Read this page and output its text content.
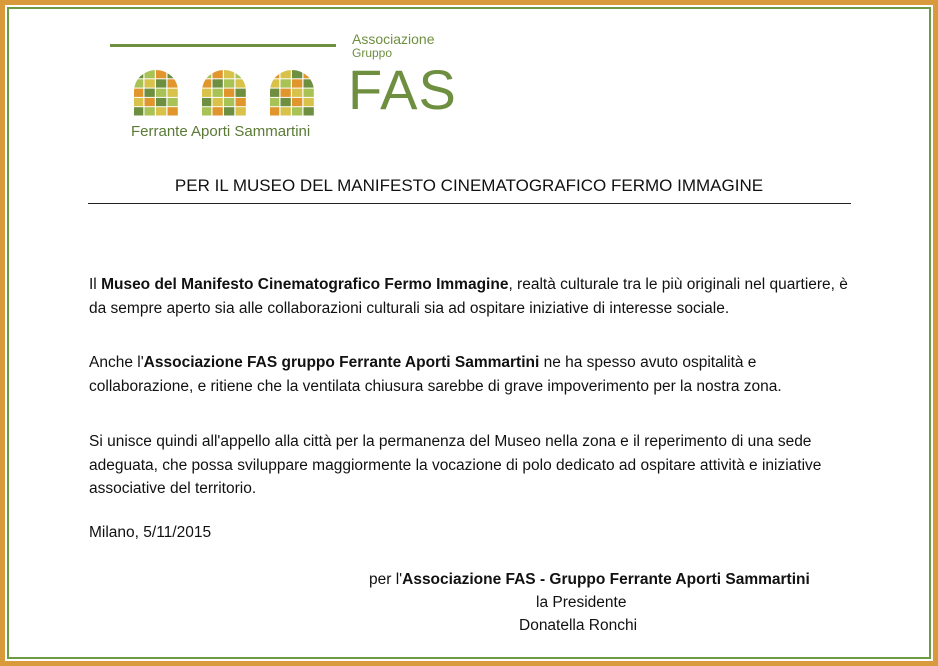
Ferrante Aporti Sammartini
Associazione
Gruppo
FAS
PER IL MUSEO DEL MANIFESTO CINEMATOGRAFICO FERMO IMMAGINE
Il Museo del Manifesto Cinematografico Fermo Immagine, realtà culturale tra le più originali nel quartiere, è da sempre aperto sia alle collaborazioni culturali sia ad ospitare iniziative di interesse sociale.
Anche l'Associazione FAS gruppo Ferrante Aporti Sammartini ne ha spesso avuto ospitalità e collaborazione, e ritiene che la ventilata chiusura sarebbe di grave impoverimento per la nostra zona.
Si unisce quindi all'appello alla città per la permanenza del Museo nella zona e il reperimento di una sede adeguata, che possa sviluppare maggiormente la vocazione di polo dedicato ad ospitare attività e iniziative associative del territorio.
Milano, 5/11/2015
per l'Associazione FAS - Gruppo Ferrante Aporti Sammartini
la Presidente
Donatella Ronchi
